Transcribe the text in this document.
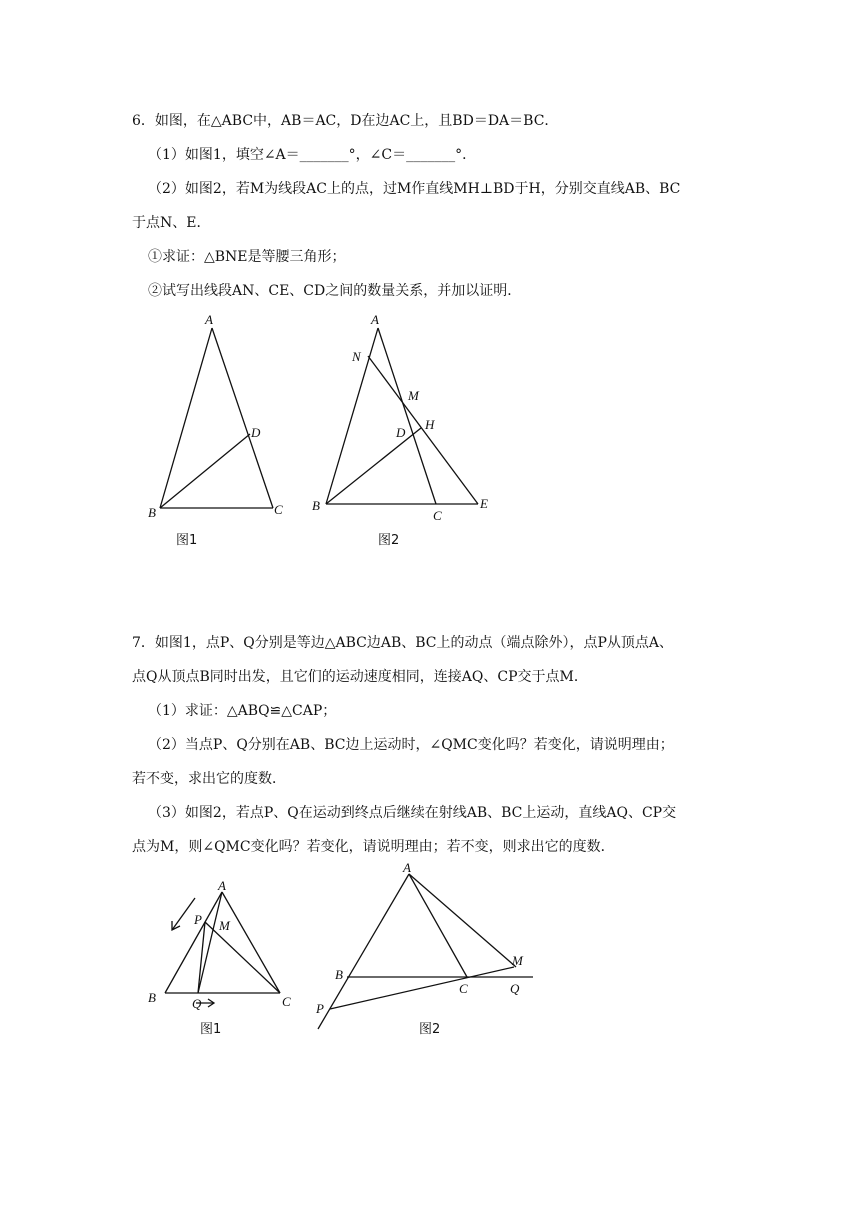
6．如图，在△ABC中，AB＝AC，D在边AC上，且BD＝DA＝BC．
（1）如图1，填空∠A＝_______°，∠C＝_______°．
（2）如图2，若M为线段AC上的点，过M作直线MH⊥BD于H，分别交直线AB、BC
于点N、E．
①求证：△BNE是等腰三角形；
②试写出线段AN、CE、CD之间的数量关系，并加以证明．
A
B	C
D
图1
A
N
M
D
H
B
C
E
图2
7．如图1，点P、Q分别是等边△ABC边AB、BC上的动点（端点除外），点P从顶点A、
点Q从顶点B同时出发，且它们的运动速度相同，连接AQ、CP交于点M．
（1）求证：△ABQ≌△CAP；
（2）当点P、Q分别在AB、BC边上运动时，∠QMC变化吗？若变化，请说明理由；
若不变，求出它的度数．
（3）如图2，若点P、Q在运动到终点后继续在射线AB、BC上运动，直线AQ、CP交
点为M，则∠QMC变化吗？若变化，请说明理由；若不变，则求出它的度数．
A
P M
B	Q	C
图1
A
B
C	Q
M
P
图2
